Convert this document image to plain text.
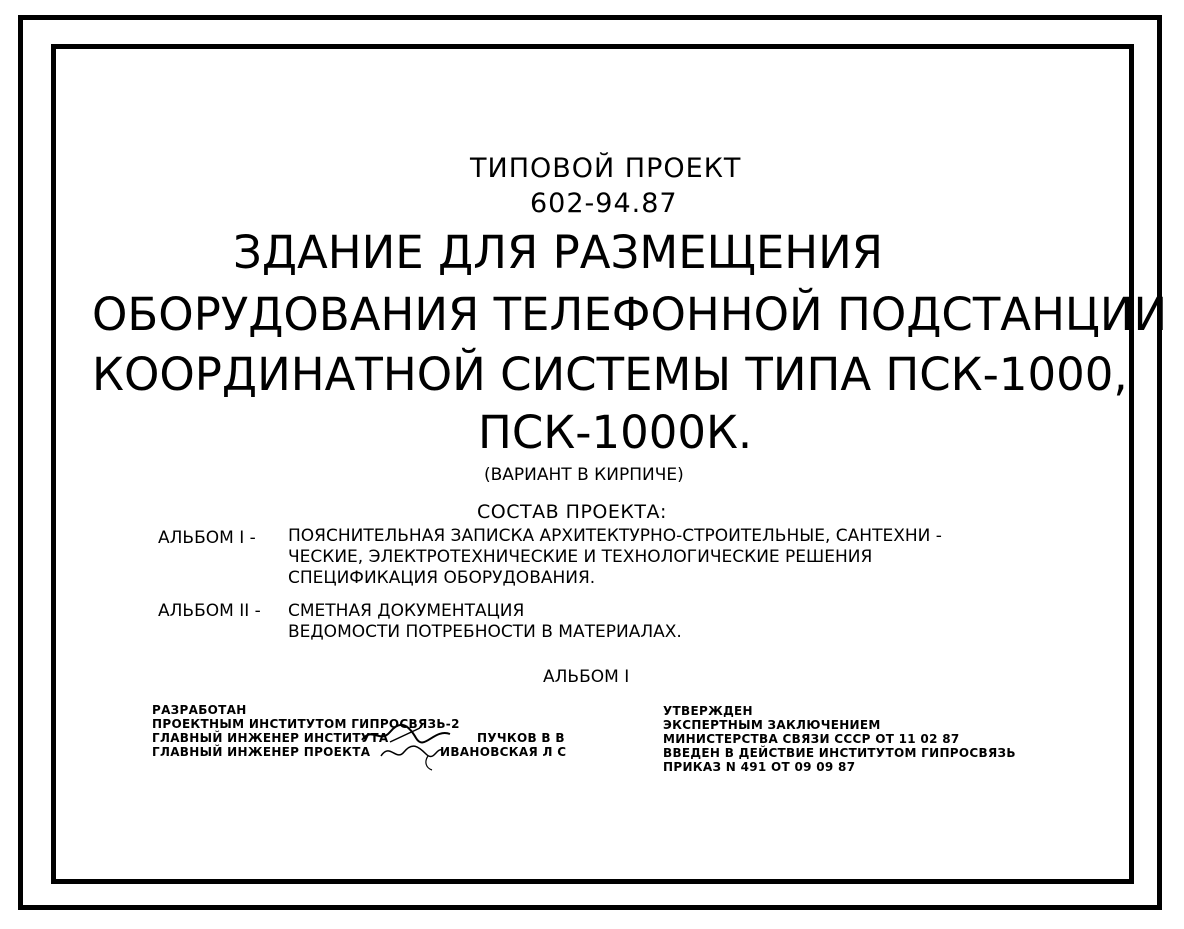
ТИПОВОЙ ПРОЕКТ
602-94.87
ЗДАНИЕ ДЛЯ РАЗМЕЩЕНИЯ
ОБОРУДОВАНИЯ ТЕЛЕФОННОЙ ПОДСТАНЦИИ
КООРДИНАТНОЙ СИСТЕМЫ ТИПА ПСК-1000,
ПСК-1000К.
(ВАРИАНТ В КИРПИЧЕ)
СОСТАВ ПРОЕКТА:
АЛЬБОМ I - ПОЯСНИТЕЛЬНАЯ ЗАПИСКА АРХИТЕКТУРНО-СТРОИТЕЛЬНЫЕ, САНТЕХНИ -
ЧЕСКИЕ, ЭЛЕКТРОТЕХНИЧЕСКИЕ И ТЕХНОЛОГИЧЕСКИЕ РЕШЕНИЯ
СПЕЦИФИКАЦИЯ ОБОРУДОВАНИЯ.
АЛЬБОМ II - СМЕТНАЯ ДОКУМЕНТАЦИЯ
ВЕДОМОСТИ ПОТРЕБНОСТИ В МАТЕРИАЛАХ.
АЛЬБОМ I
РАЗРАБОТАН
ПРОЕКТНЫМ ИНСТИТУТОМ ГИПРОСВЯЗЬ-2
ГЛАВНЫЙ ИНЖЕНЕР ИНСТИТУТА	ПУЧКОВ В В
ГЛАВНЫЙ ИНЖЕНЕР ПРОЕКТА	ИВАНОВСКАЯ Л С
УТВЕРЖДЕН
ЭКСПЕРТНЫМ ЗАКЛЮЧЕНИЕМ
МИНИСТЕРСТВА СВЯЗИ СССР ОТ 11 02 87
ВВЕДЕН В ДЕЙСТВИЕ ИНСТИТУТОМ ГИПРОСВЯЗЬ
ПРИКАЗ N 491 ОТ 09 09 87
